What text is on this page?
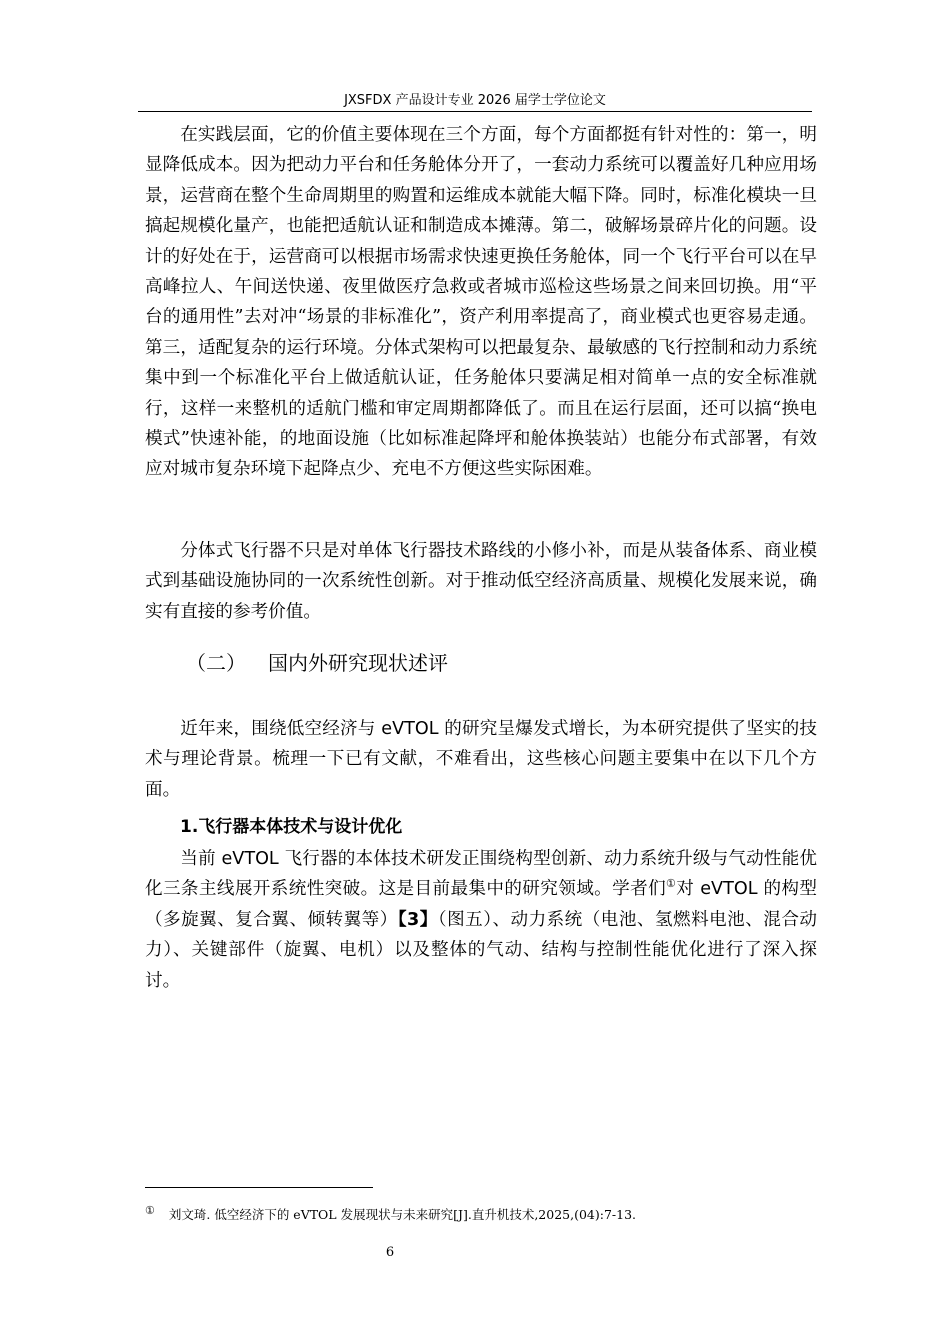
JXSFDX 产品设计专业 2026 届学士学位论文

在实践层面，它的价值主要体现在三个方面，每个方面都挺有针对性的：第一，明显降低成本。因为把动力平台和任务舱体分开了，一套动力系统可以覆盖好几种应用场景，运营商在整个生命周期里的购置和运维成本就能大幅下降。同时，标准化模块一旦搞起规模化量产，也能把适航认证和制造成本摊薄。第二，破解场景碎片化的问题。设计的好处在于，运营商可以根据市场需求快速更换任务舱体，同一个飞行平台可以在早高峰拉人、午间送快递、夜里做医疗急救或者城市巡检这些场景之间来回切换。用“平台的通用性”去对冲“场景的非标准化”，资产利用率提高了，商业模式也更容易走通。第三，适配复杂的运行环境。分体式架构可以把最复杂、最敏感的飞行控制和动力系统集中到一个标准化平台上做适航认证，任务舱体只要满足相对简单一点的安全标准就行，这样一来整机的适航门槛和审定周期都降低了。而且在运行层面，还可以搞“换电模式”快速补能，的地面设施（比如标准起降坪和舱体换装站）也能分布式部署，有效应对城市复杂环境下起降点少、充电不方便这些实际困难。

分体式飞行器不只是对单体飞行器技术路线的小修小补，而是从装备体系、商业模式到基础设施协同的一次系统性创新。对于推动低空经济高质量、规模化发展来说，确实有直接的参考价值。

（二） 国内外研究现状述评

近年来，围绕低空经济与 eVTOL 的研究呈爆发式增长，为本研究提供了坚实的技术与理论背景。梳理一下已有文献，不难看出，这些核心问题主要集中在以下几个方面。

1.飞行器本体技术与设计优化

当前 eVTOL 飞行器的本体技术研发正围绕构型创新、动力系统升级与气动性能优化三条主线展开系统性突破。这是目前最集中的研究领域。学者们①对 eVTOL 的构型（多旋翼、复合翼、倾转翼等）【3】（图五）、动力系统（电池、氢燃料电池、混合动力）、关键部件（旋翼、电机）以及整体的气动、结构与控制性能优化进行了深入探讨。

① 刘文琦. 低空经济下的 eVTOL 发展现状与未来研究[J].直升机技术,2025,(04):7-13.
6
